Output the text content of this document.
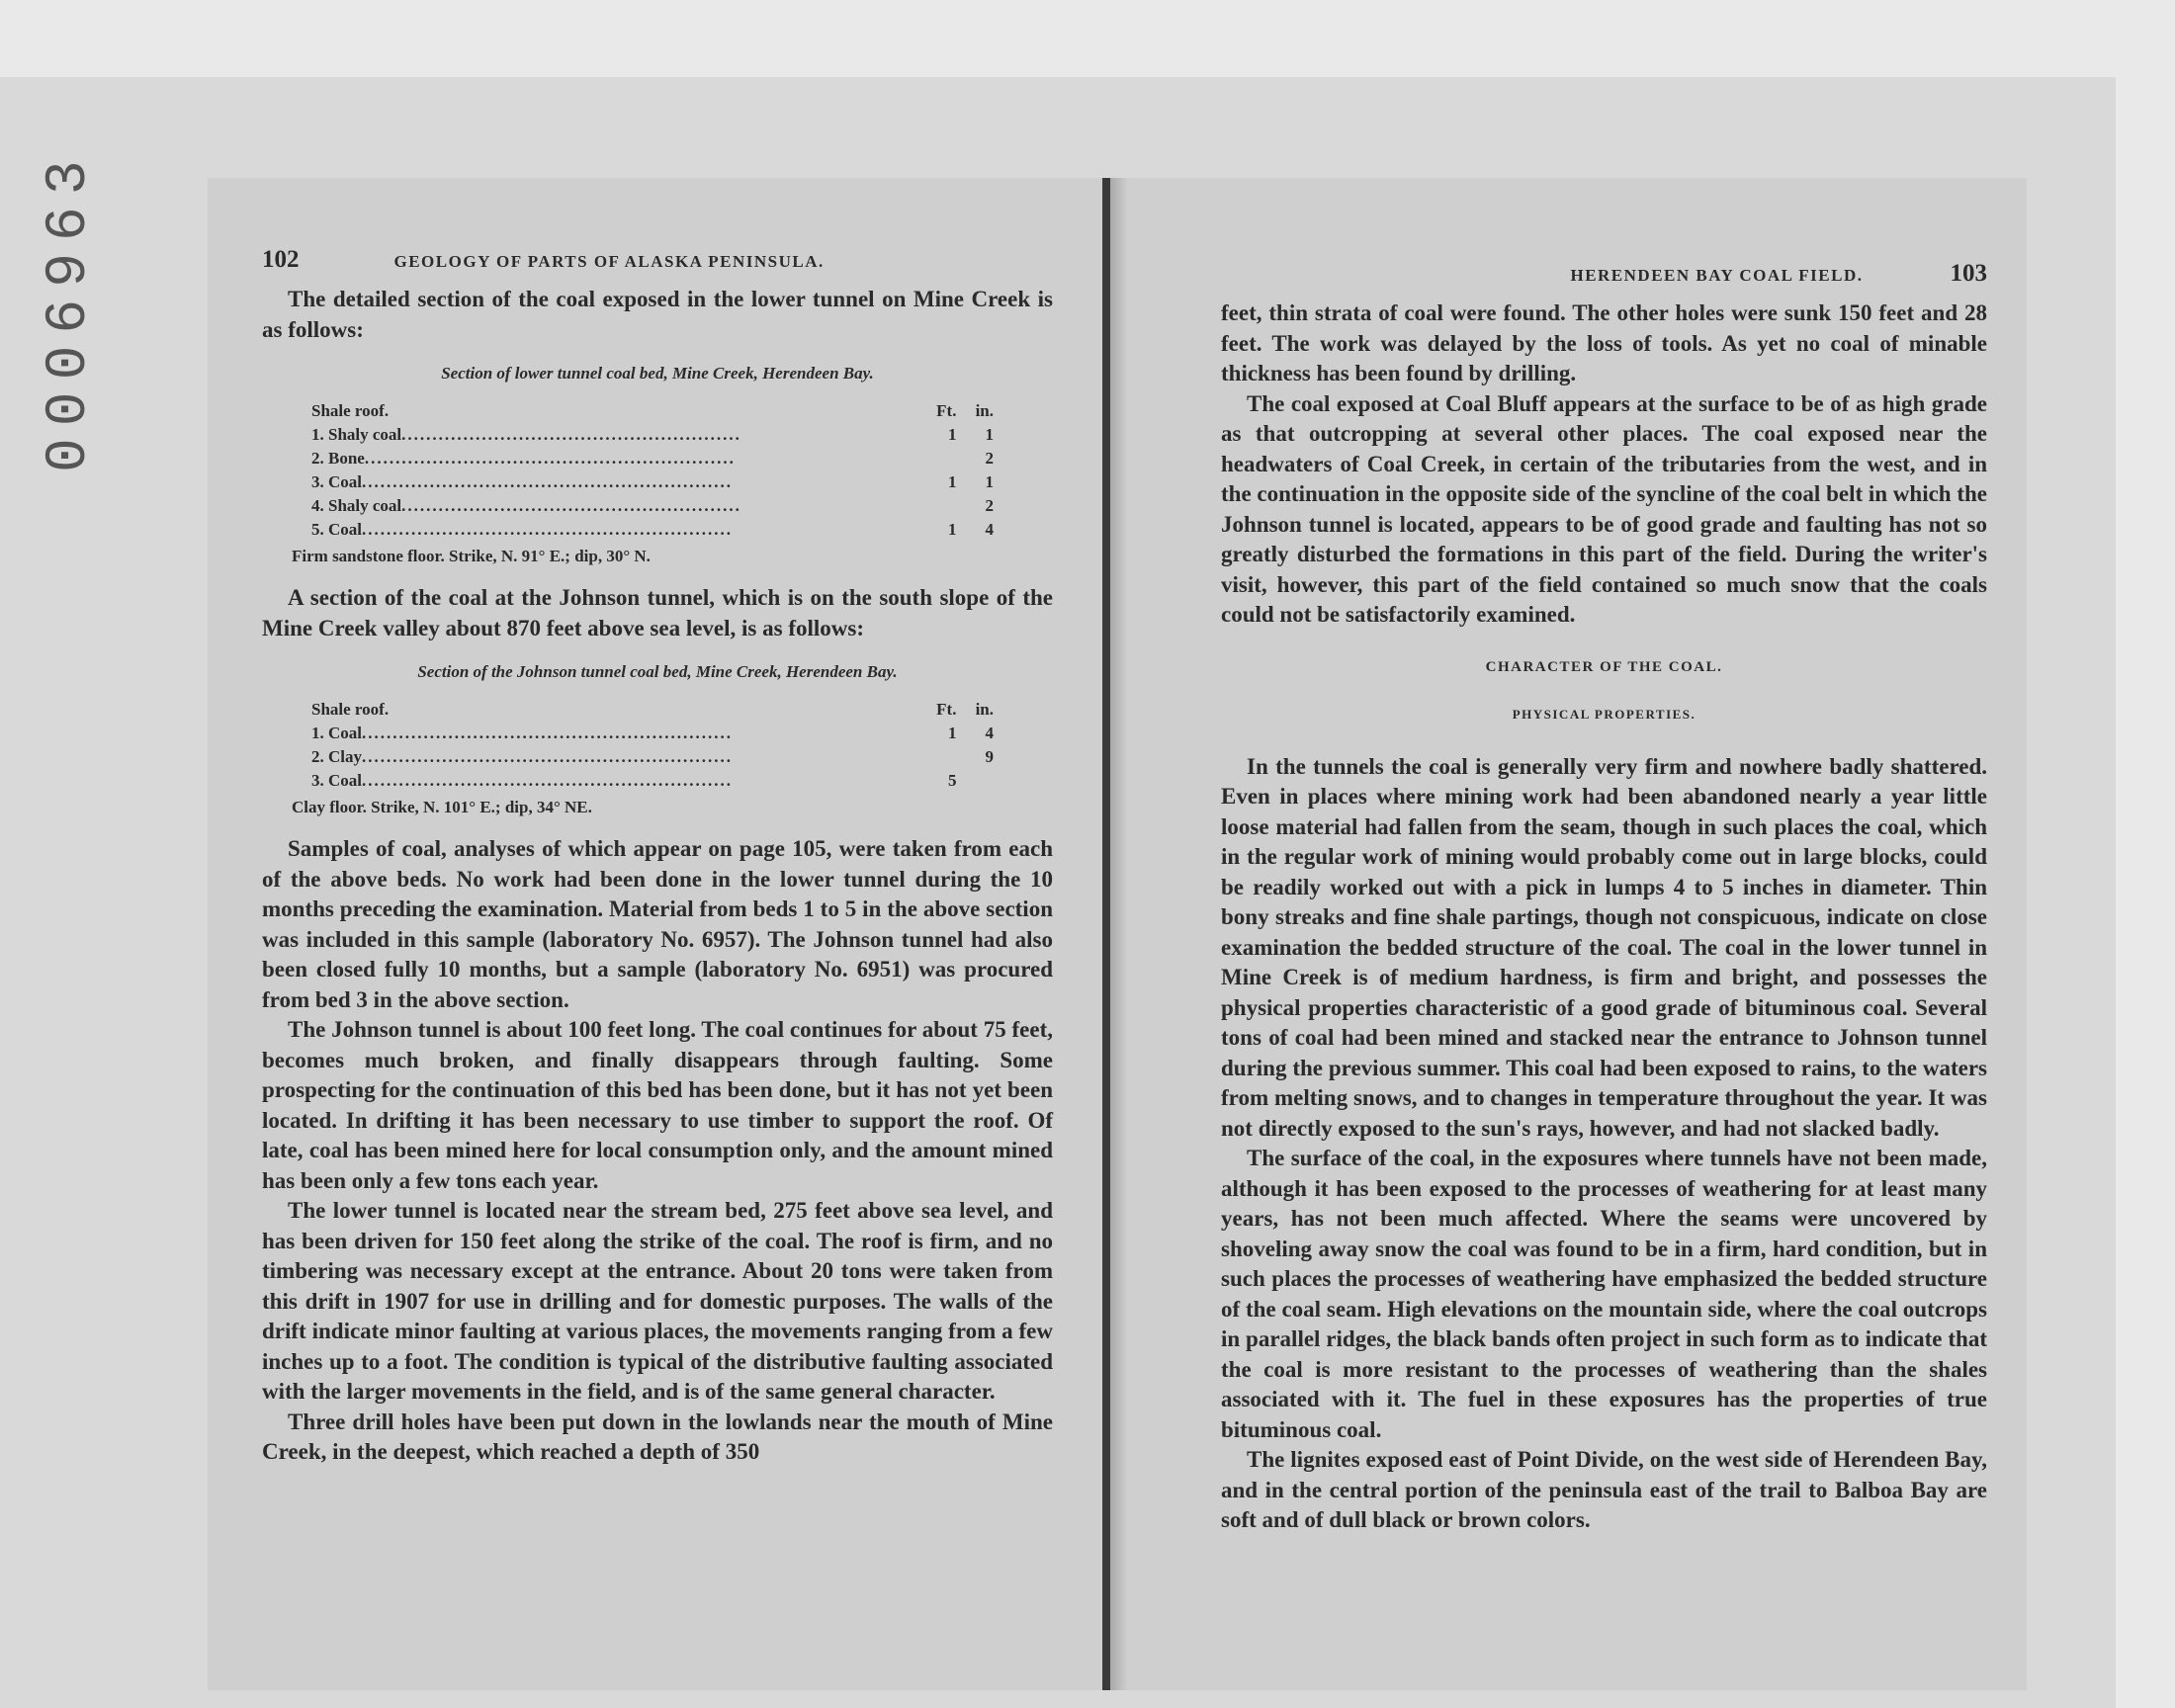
0006963	102	GEOLOGY OF PARTS OF ALASKA PENINSULA.

The detailed section of the coal exposed in the lower tunnel on Mine Creek is as follows:

Section of lower tunnel coal bed, Mine Creek, Herendeen Bay.
Shale roof.	Ft.	in.
1. Shaly coal.......................................................	1	1
2. Bone............................................................		2
3. Coal............................................................	1	1
4. Shaly coal.......................................................		2
5. Coal............................................................	1	4
Firm sandstone floor. Strike, N. 91° E.; dip, 30° N.

A section of the coal at the Johnson tunnel, which is on the south slope of the Mine Creek valley about 870 feet above sea level, is as follows:

Section of the Johnson tunnel coal bed, Mine Creek, Herendeen Bay.
Shale roof.	Ft.	in.
1. Coal............................................................	1	4
2. Clay............................................................		9
3. Coal............................................................	5	
Clay floor. Strike, N. 101° E.; dip, 34° NE.

Samples of coal, analyses of which appear on page 105, were taken from each of the above beds. No work had been done in the lower tunnel during the 10 months preceding the examination. Material from beds 1 to 5 in the above section was included in this sample (laboratory No. 6957). The Johnson tunnel had also been closed fully 10 months, but a sample (laboratory No. 6951) was procured from bed 3 in the above section.

The Johnson tunnel is about 100 feet long. The coal continues for about 75 feet, becomes much broken, and finally disappears through faulting. Some prospecting for the continuation of this bed has been done, but it has not yet been located. In drifting it has been necessary to use timber to support the roof. Of late, coal has been mined here for local consumption only, and the amount mined has been only a few tons each year.

The lower tunnel is located near the stream bed, 275 feet above sea level, and has been driven for 150 feet along the strike of the coal. The roof is firm, and no timbering was necessary except at the entrance. About 20 tons were taken from this drift in 1907 for use in drilling and for domestic purposes. The walls of the drift indicate minor faulting at various places, the movements ranging from a few inches up to a foot. The condition is typical of the distributive faulting associated with the larger movements in the field, and is of the same general character.

Three drill holes have been put down in the lowlands near the mouth of Mine Creek, in the deepest, which reached a depth of 350

HERENDEEN BAY COAL FIELD.	103

feet, thin strata of coal were found. The other holes were sunk 150 feet and 28 feet. The work was delayed by the loss of tools. As yet no coal of minable thickness has been found by drilling.

The coal exposed at Coal Bluff appears at the surface to be of as high grade as that outcropping at several other places. The coal exposed near the headwaters of Coal Creek, in certain of the tributaries from the west, and in the continuation in the opposite side of the syncline of the coal belt in which the Johnson tunnel is located, appears to be of good grade and faulting has not so greatly disturbed the formations in this part of the field. During the writer's visit, however, this part of the field contained so much snow that the coals could not be satisfactorily examined.

CHARACTER OF THE COAL.
PHYSICAL PROPERTIES.

In the tunnels the coal is generally very firm and nowhere badly shattered. Even in places where mining work had been abandoned nearly a year little loose material had fallen from the seam, though in such places the coal, which in the regular work of mining would probably come out in large blocks, could be readily worked out with a pick in lumps 4 to 5 inches in diameter. Thin bony streaks and fine shale partings, though not conspicuous, indicate on close examination the bedded structure of the coal. The coal in the lower tunnel in Mine Creek is of medium hardness, is firm and bright, and possesses the physical properties characteristic of a good grade of bituminous coal. Several tons of coal had been mined and stacked near the entrance to Johnson tunnel during the previous summer. This coal had been exposed to rains, to the waters from melting snows, and to changes in temperature throughout the year. It was not directly exposed to the sun's rays, however, and had not slacked badly.

The surface of the coal, in the exposures where tunnels have not been made, although it has been exposed to the processes of weathering for at least many years, has not been much affected. Where the seams were uncovered by shoveling away snow the coal was found to be in a firm, hard condition, but in such places the processes of weathering have emphasized the bedded structure of the coal seam. High elevations on the mountain side, where the coal outcrops in parallel ridges, the black bands often project in such form as to indicate that the coal is more resistant to the processes of weathering than the shales associated with it. The fuel in these exposures has the properties of true bituminous coal.

The lignites exposed east of Point Divide, on the west side of Herendeen Bay, and in the central portion of the peninsula east of the trail to Balboa Bay are soft and of dull black or brown colors.
